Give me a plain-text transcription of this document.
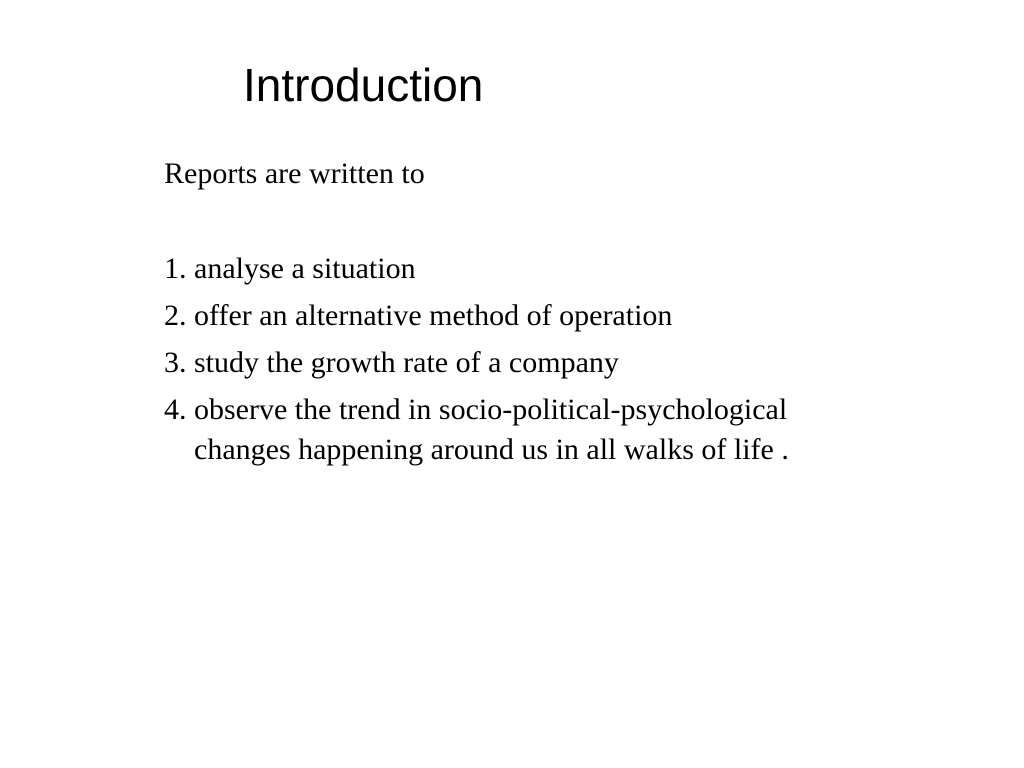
Introduction

Reports are written to

1. analyse a situation
2. offer an alternative method of operation
3. study the growth rate of a company
4. observe the trend in socio-political-psychological
changes happening around us in all walks of life .
